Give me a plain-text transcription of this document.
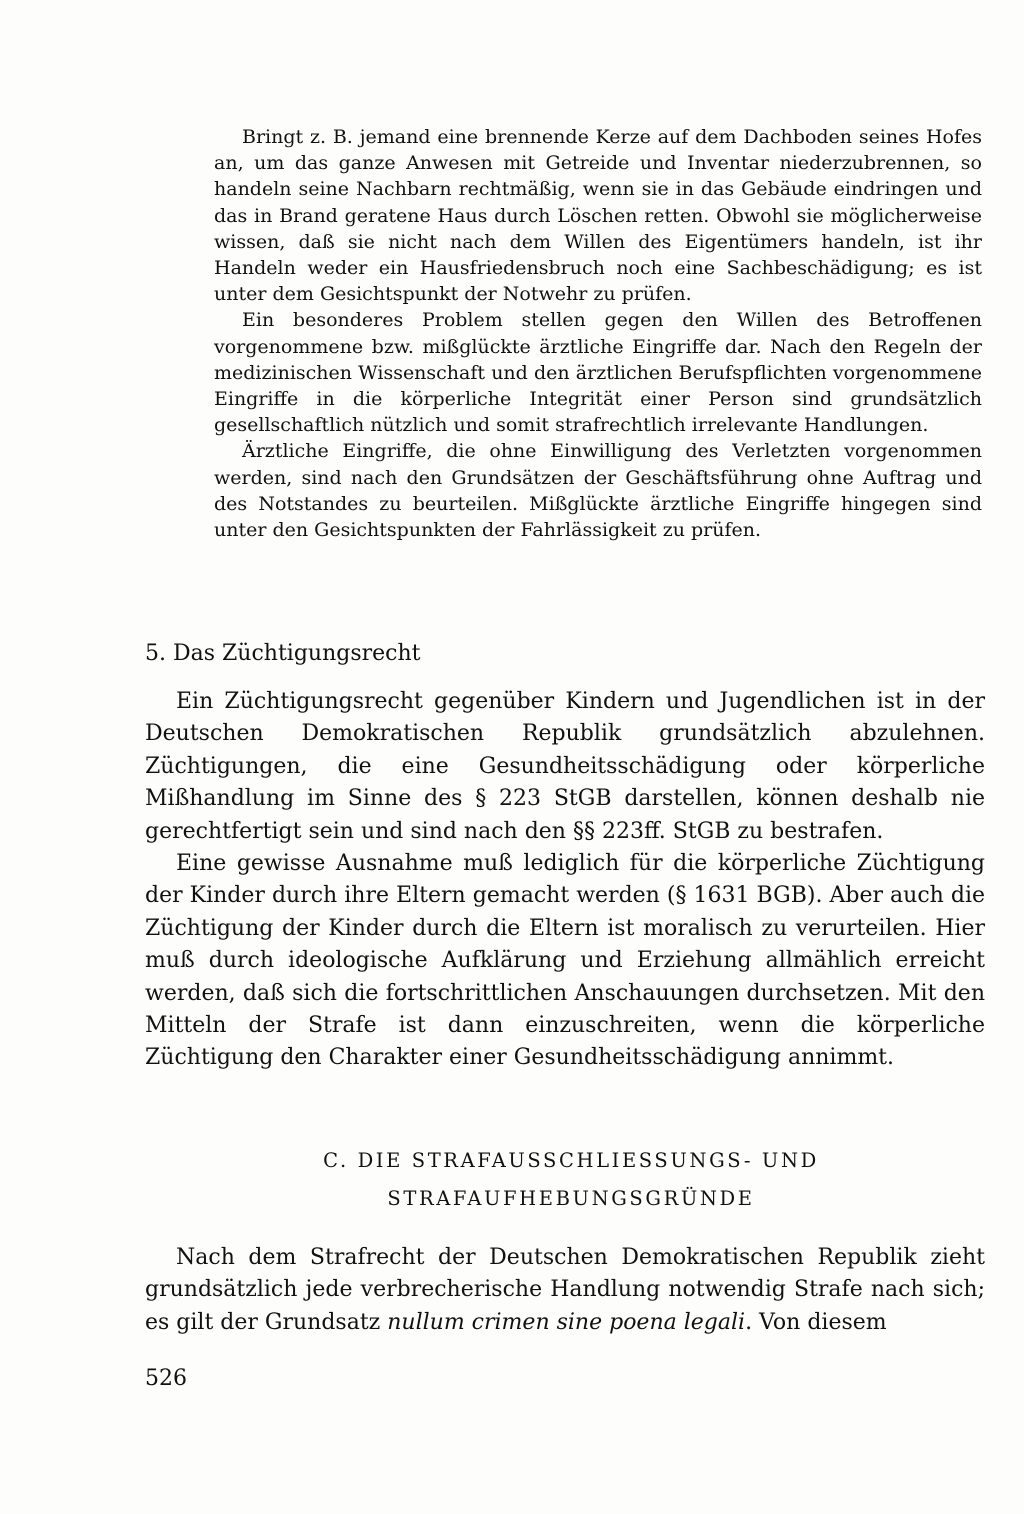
Bringt z. B. jemand eine brennende Kerze auf dem Dachboden seines Hofes an, um das ganze Anwesen mit Getreide und Inventar niederzubrennen, so handeln seine Nachbarn rechtmäßig, wenn sie in das Gebäude eindringen und das in Brand geratene Haus durch Löschen retten. Obwohl sie möglicherweise wissen, daß sie nicht nach dem Willen des Eigentümers handeln, ist ihr Handeln weder ein Hausfriedensbruch noch eine Sachbeschädigung; es ist unter dem Gesichtspunkt der Notwehr zu prüfen.

Ein besonderes Problem stellen gegen den Willen des Betroffenen vorgenommene bzw. mißglückte ärztliche Eingriffe dar. Nach den Regeln der medizinischen Wissenschaft und den ärztlichen Berufspflichten vorgenommene Eingriffe in die körperliche Integrität einer Person sind grundsätzlich gesellschaftlich nützlich und somit strafrechtlich irrelevante Handlungen.

Ärztliche Eingriffe, die ohne Einwilligung des Verletzten vorgenommen werden, sind nach den Grundsätzen der Geschäftsführung ohne Auftrag und des Notstandes zu beurteilen. Mißglückte ärztliche Eingriffe hingegen sind unter den Gesichtspunkten der Fahrlässigkeit zu prüfen.

5. Das Züchtigungsrecht

Ein Züchtigungsrecht gegenüber Kindern und Jugendlichen ist in der Deutschen Demokratischen Republik grundsätzlich abzulehnen. Züchtigungen, die eine Gesundheitsschädigung oder körperliche Mißhandlung im Sinne des § 223 StGB darstellen, können deshalb nie gerechtfertigt sein und sind nach den §§ 223ff. StGB zu bestrafen.

Eine gewisse Ausnahme muß lediglich für die körperliche Züchtigung der Kinder durch ihre Eltern gemacht werden (§ 1631 BGB). Aber auch die Züchtigung der Kinder durch die Eltern ist moralisch zu verurteilen. Hier muß durch ideologische Aufklärung und Erziehung allmählich erreicht werden, daß sich die fortschrittlichen Anschauungen durchsetzen. Mit den Mitteln der Strafe ist dann einzuschreiten, wenn die körperliche Züchtigung den Charakter einer Gesundheitsschädigung annimmt.

C. DIE STRAFAUSSCHLIESSUNGS- UND
STRAFAUFHEBUNGSGRÜNDE

Nach dem Strafrecht der Deutschen Demokratischen Republik zieht grundsätzlich jede verbrecherische Handlung notwendig Strafe nach sich; es gilt der Grundsatz nullum crimen sine poena legali. Von diesem

526
